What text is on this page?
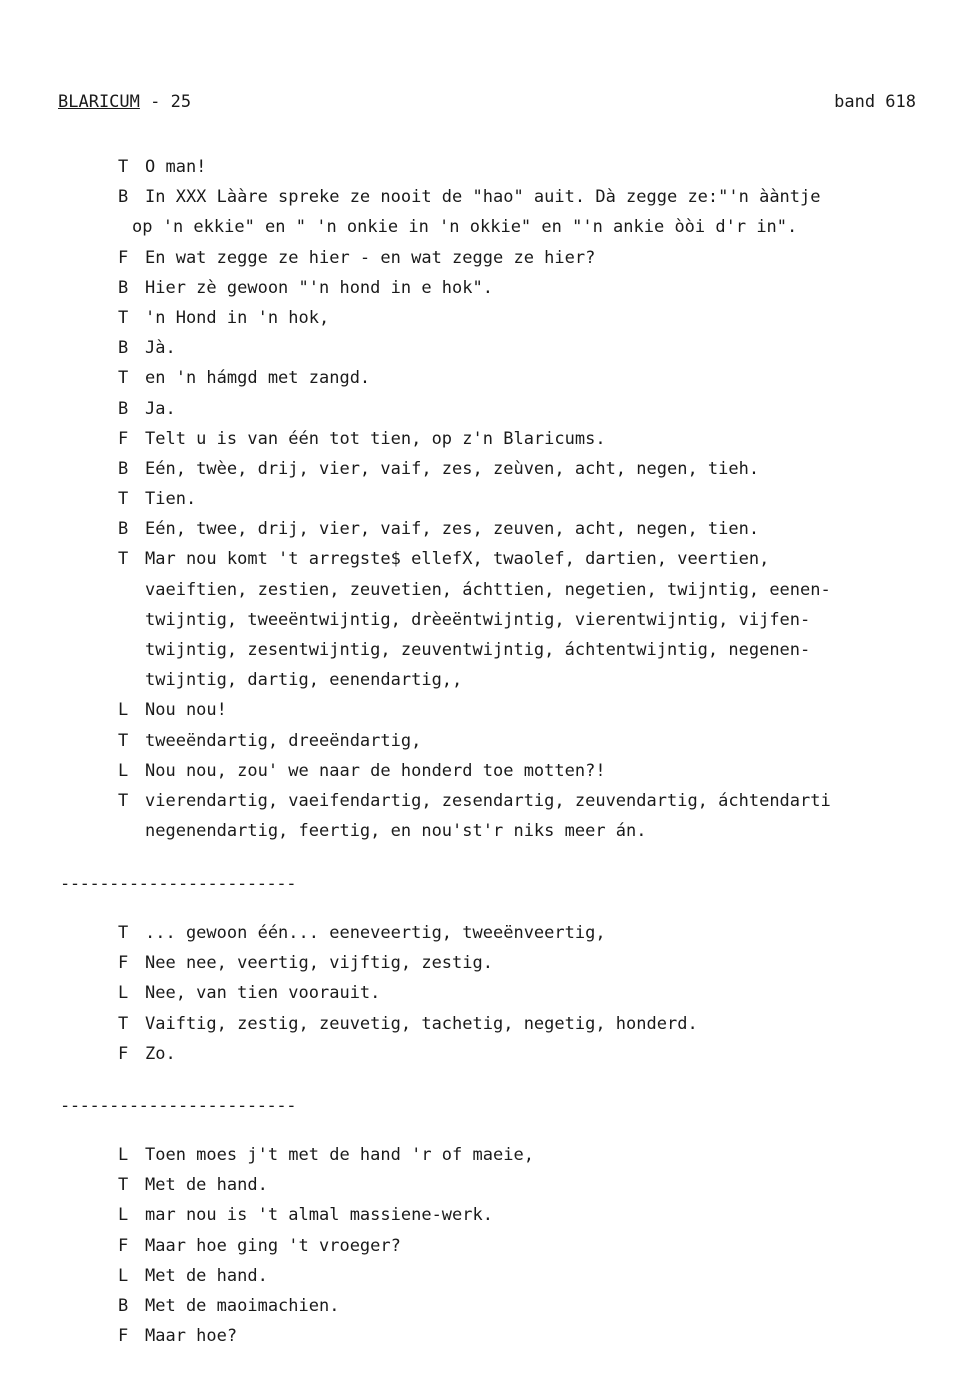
BLARICUM - 25	band 618
T O man!
B In XXX Lààre spreke ze nooit de "hao" auit. Dà zegge ze:"'n ààntje
op 'n ekkie" en " 'n onkie in 'n okkie" en "'n ankie òòi d'r in".
F En wat zegge ze hier - en wat zegge ze hier?
B Hier zè gewoon "'n hond in e hok".
T 'n Hond in 'n hok,
B Jà.
T en 'n hámgd met zangd.
B Ja.
F Telt u is van één tot tien, op z'n Blaricums.
B Eén, twèe, drij, vier, vaif, zes, zeùven, acht, negen, tieh.
T Tien.
B Eén, twee, drij, vier, vaif, zes, zeuven, acht, negen, tien.
T Mar nou komt 't arregste$ ellefX, twaolef, dartien, veertien,
vaeiftien, zestien, zeuvetien, áchttien, negetien, twijntig, eenen-
twijntig, tweeëntwijntig, drèeëntwijntig, vierentwijntig, vijfen-
twijntig, zesentwijntig, zeuventwijntig, áchtentwijntig, negenen-
twijntig, dartig, eenendartig,,
L Nou nou!
T tweeëndartig, dreeëndartig,
L Nou nou, zou' we naar de honderd toe motten?!
T vierendartig, vaeifendartig, zesendartig, zeuvendartig, áchtendarti
negenendartig, feertig, en nou'st'r niks meer án.
------------------------
T ... gewoon één... eeneveertig, tweeënveertig,
F Nee nee, veertig, vijftig, zestig.
L Nee, van tien voorauit.
T Vaiftig, zestig, zeuvetig, tachetig, negetig, honderd.
F Zo.
------------------------
L Toen moes j't met de hand 'r of maeie,
T Met de hand.
L mar nou is 't almal massiene-werk.
F Maar hoe ging 't vroeger?
L Met de hand.
B Met de maoimachien.
F Maar hoe?
